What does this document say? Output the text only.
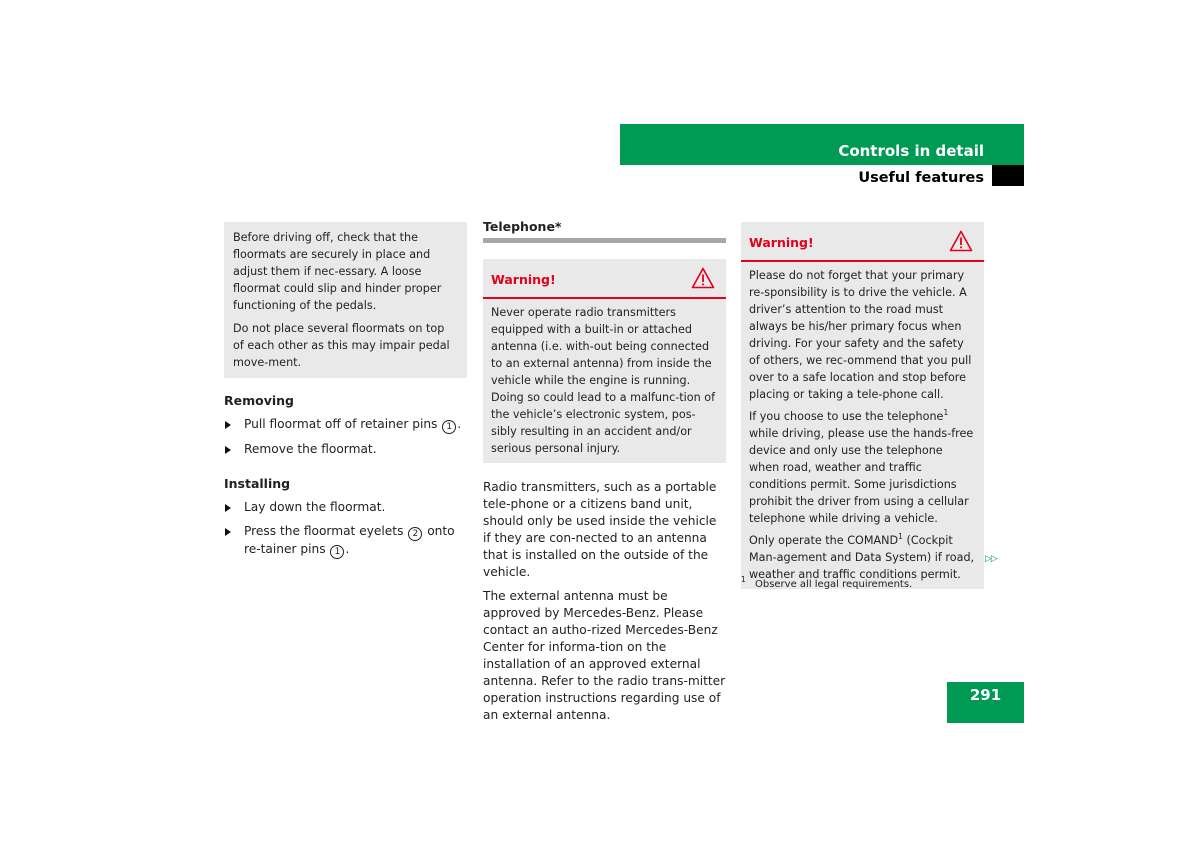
Controls in detail
Useful features

Before driving off, check that the floormats are securely in place and adjust them if nec-essary. A loose floormat could slip and hinder proper functioning of the pedals.

Do not place several floormats on top of each other as this may impair pedal move-ment.

Removing

Pull floormat off of retainer pins 1 .

Remove the floormat.

Installing

Lay down the floormat.

Press the floormat eyelets 2 onto re-tainer pins 1 .

Telephone*

Warning!

Never operate radio transmitters equipped with a built-in or attached antenna (i.e. with-out being connected to an external antenna) from inside the vehicle while the engine is running. Doing so could lead to a malfunc-tion of the vehicle’s electronic system, pos-sibly resulting in an accident and/or serious personal injury.

Radio transmitters, such as a portable tele-phone or a citizens band unit, should only be used inside the vehicle if they are con-nected to an antenna that is installed on the outside of the vehicle.

The external antenna must be approved by Mercedes-Benz. Please contact an autho-rized Mercedes-Benz Center for informa-tion on the installation of an approved external antenna. Refer to the radio trans-mitter operation instructions regarding use of an external antenna.

Warning!

Please do not forget that your primary re-sponsibility is to drive the vehicle. A driver’s attention to the road must always be his/her primary focus when driving. For your safety and the safety of others, we rec-ommend that you pull over to a safe location and stop before placing or taking a tele-phone call.

If you choose to use the telephone$^1$ while driving, please use the hands-free device and only use the telephone when road, weather and traffic conditions permit. Some jurisdictions prohibit the driver from using a cellular telephone while driving a vehicle.

Only operate the COMAND$^1$ (Cockpit Man-agement and Data System) if road, weather and traffic conditions permit.

▷▷
$^1$ Observe all legal requirements.
291
